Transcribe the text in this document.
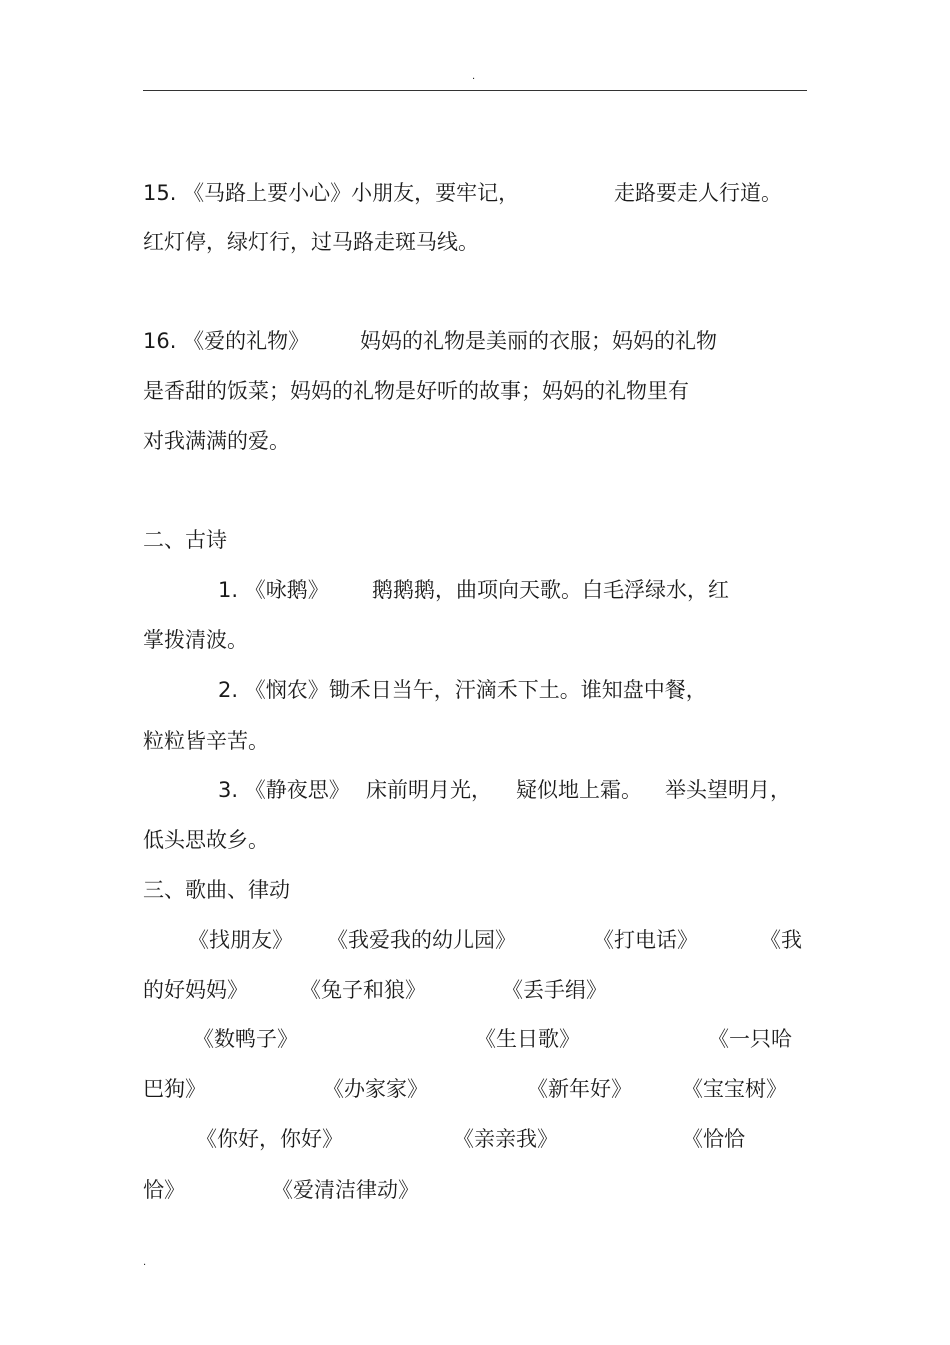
.
15. 《马路上要小心》小朋友，要牢记，	走路要走人行道。
红灯停，绿灯行，过马路走斑马线。
16. 《爱的礼物》 妈妈的礼物是美丽的衣服；妈妈的礼物
是香甜的饭菜；妈妈的礼物是好听的故事；妈妈的礼物里有
对我满满的爱。
二、古诗
1. 《咏鹅》 鹅鹅鹅，曲项向天歌。白毛浮绿水，红
掌拨清波。
2. 《悯农》锄禾日当午，汗滴禾下土。谁知盘中餐，
粒粒皆辛苦。
3. 《静夜思》 床前明月光， 疑似地上霜。 举头望明月，
低头思故乡。
三、歌曲、律动
《找朋友》 《我爱我的幼儿园》	《打电话》	《我
的好妈妈》 《兔子和狼》	《丢手绢》
《数鸭子》	《生日歌》	《一只哈
巴狗》	《办家家》	《新年好》 《宝宝树》
《你好，你好》	《亲亲我》	《恰恰
恰》	《爱清洁律动》
.
